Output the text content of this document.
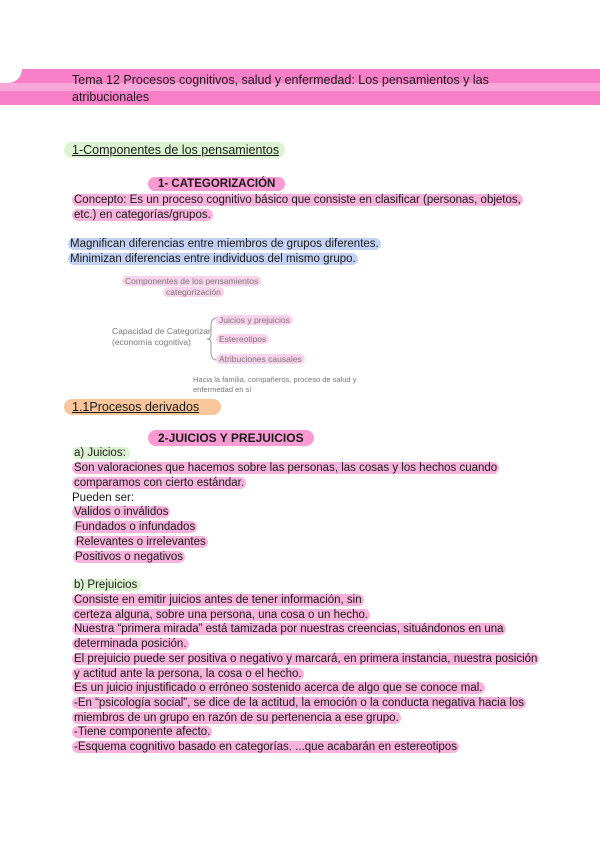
Tema 12 Procesos cognitivos, salud y enfermedad: Los pensamientos y las atribucionales
1-Componentes de los pensamientos
1- CATEGORIZACIÓN
Concepto: Es un proceso cognitivo básico que consiste en clasificar (personas, objetos,
etc.) en categorías/grupos.
Magnifican diferencias entre miembros de grupos diferentes.
Minimizan diferencias entre individuos del mismo grupo.
Componentes de los pensamientos
categorización
Capacidad de Categorizar
(economía cognitiva)
Juicios y prejuicios
Estereotipos
Atribuciones causales
Hacia la familia, compañeros, proceso de salud y
enfermedad en sí
1.1Procesos derivados
2-JUICIOS Y PREJUICIOS
a) Juicios:
Son valoraciones que hacemos sobre las personas, las cosas y los hechos cuando
comparamos con cierto estándar.
Pueden ser:
Validos o inválidos
Fundados o infundados
Relevantes o irrelevantes
Positivos o negativos
b) Prejuicios
Consiste en emitir juicios antes de tener información, sin
certeza alguna, sobre una persona, una cosa o un hecho.
Nuestra “primera mirada” está tamizada por nuestras creencias, situándonos en una
determinada posición.
El prejuicio puede ser positiva o negativo y marcará, en primera instancia, nuestra posición
y actitud ante la persona, la cosa o el hecho.
Es un juicio injustificado o erróneo sostenido acerca de algo que se conoce mal.
-En “psicología social”, se dice de la actitud, la emoción o la conducta negativa hacia los
miembros de un grupo en razón de su pertenencia a ese grupo.
-Tiene componente afecto.
-Esquema cognitivo basado en categorías. ...que acabarán en estereotipos
